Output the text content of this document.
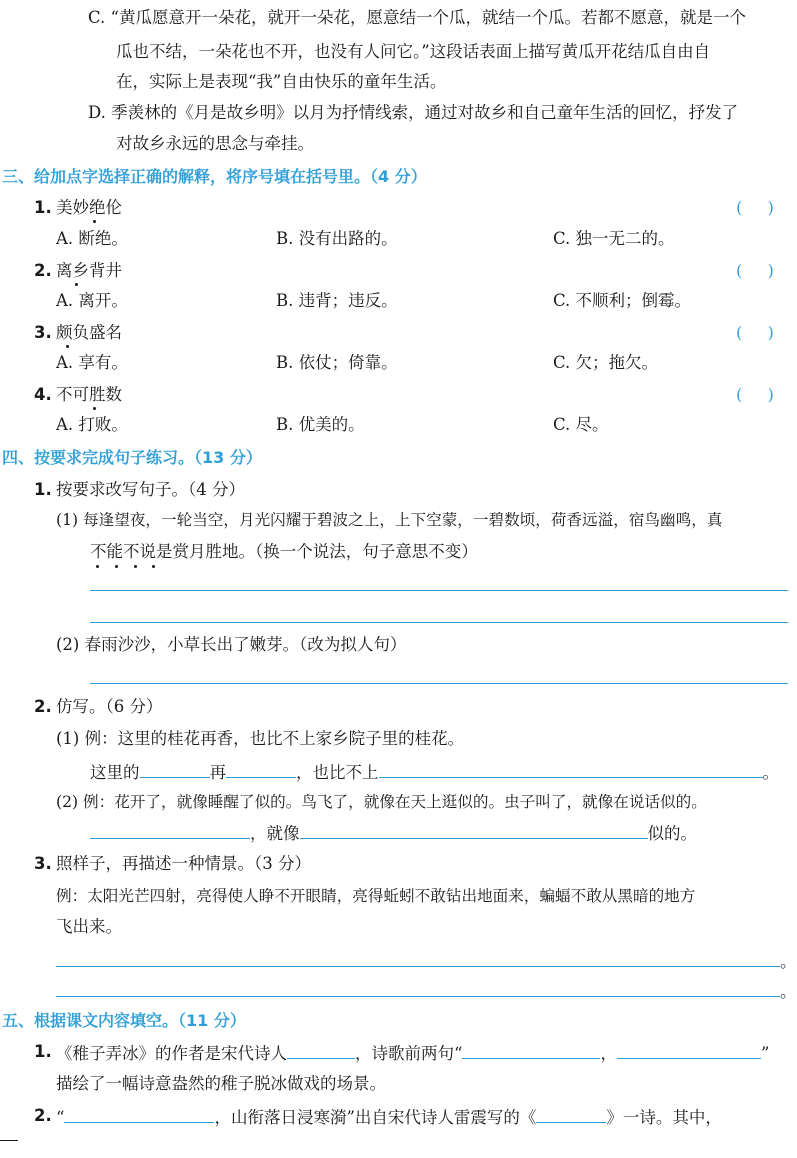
C. “黄瓜愿意开一朵花，就开一朵花，愿意结一个瓜，就结一个瓜。若都不愿意，就是一个
瓜也不结，一朵花也不开，也没有人问它。”这段话表面上描写黄瓜开花结瓜自由自
在，实际上是表现“我”自由快乐的童年生活。
D. 季羡林的《月是故乡明》以月为抒情线索，通过对故乡和自己童年生活的回忆，抒发了
对故乡永远的思念与牵挂。
三、给加点字选择正确的解释，将序号填在括号里。（4 分）
1. 美妙绝伦	(     )
A. 断绝。	B. 没有出路的。	C. 独一无二的。
2. 离乡背井	(     )
A. 离开。	B. 违背；违反。	C. 不顺利；倒霉。
3. 颇负盛名	(     )
A. 享有。	B. 依仗；倚靠。	C. 欠；拖欠。
4. 不可胜数	(     )
A. 打败。	B. 优美的。	C. 尽。
四、按要求完成句子练习。（13 分）
1. 按要求改写句子。（4 分）
(1) 每逢望夜，一轮当空，月光闪耀于碧波之上，上下空蒙，一碧数顷，荷香远溢，宿鸟幽鸣，真
不能不说是赏月胜地。（换一个说法，句子意思不变）
(2) 春雨沙沙，小草长出了嫩芽。（改为拟人句）
2. 仿写。（6 分）
(1) 例：这里的桂花再香，也比不上家乡院子里的桂花。
这里的	再	，也比不上	。
(2) 例：花开了，就像睡醒了似的。鸟飞了，就像在天上逛似的。虫子叫了，就像在说话似的。
，就像	似的。
3. 照样子，再描述一种情景。（3 分）
例：太阳光芒四射，亮得使人睁不开眼睛，亮得蚯蚓不敢钻出地面来，蝙蝠不敢从黑暗的地方
飞出来。
。
。
五、根据课文内容填空。（11 分）
1. 《稚子弄冰》的作者是宋代诗人	，诗歌前两句“	，	”
描绘了一幅诗意盎然的稚子脱冰做戏的场景。
2. “	，山衔落日浸寒漪”出自宋代诗人雷震写的《	》一诗。其中，
